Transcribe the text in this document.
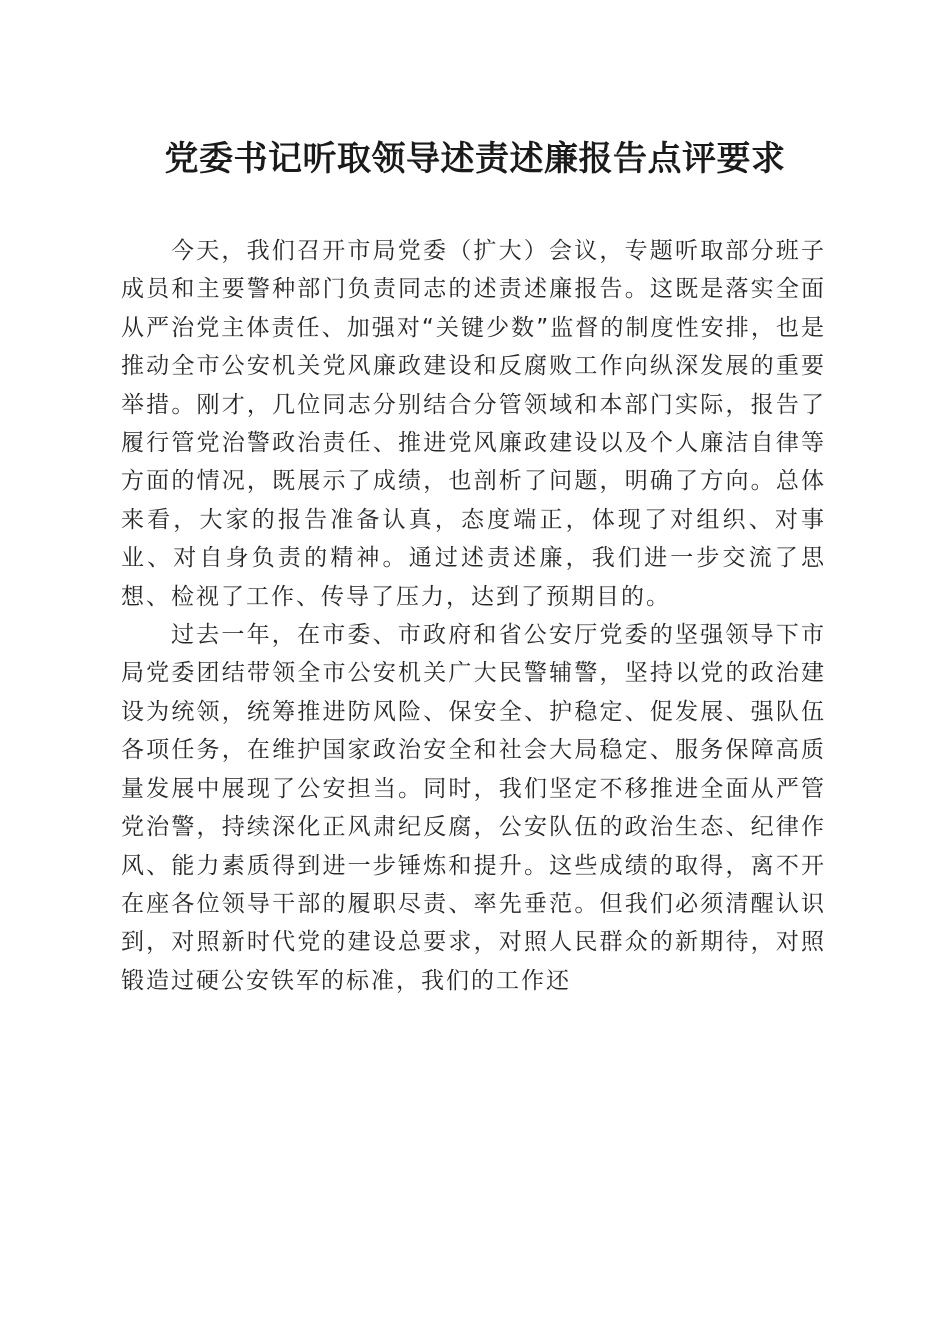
党委书记听取领导述责述廉报告点评要求

今天，我们召开市局党委（扩大）会议，专题听取部分班子成员和主要警种部门负责同志的述责述廉报告。这既是落实全面从严治党主体责任、加强对“关键少数”监督的制度性安排，也是推动全市公安机关党风廉政建设和反腐败工作向纵深发展的重要举措。刚才，几位同志分别结合分管领域和本部门实际，报告了履行管党治警政治责任、推进党风廉政建设以及个人廉洁自律等方面的情况，既展示了成绩，也剖析了问题，明确了方向。总体来看，大家的报告准备认真，态度端正，体现了对组织、对事业、对自身负责的精神。通过述责述廉，我们进一步交流了思想、检视了工作、传导了压力，达到了预期目的。

过去一年，在市委、市政府和省公安厅党委的坚强领导下市局党委团结带领全市公安机关广大民警辅警，坚持以党的政治建设为统领，统筹推进防风险、保安全、护稳定、促发展、强队伍各项任务，在维护国家政治安全和社会大局稳定、服务保障高质量发展中展现了公安担当。同时，我们坚定不移推进全面从严管党治警，持续深化正风肃纪反腐，公安队伍的政治生态、纪律作风、能力素质得到进一步锤炼和提升。这些成绩的取得，离不开在座各位领导干部的履职尽责、率先垂范。但我们必须清醒认识到，对照新时代党的建设总要求，对照人民群众的新期待，对照锻造过硬公安铁军的标准，我们的工作还
